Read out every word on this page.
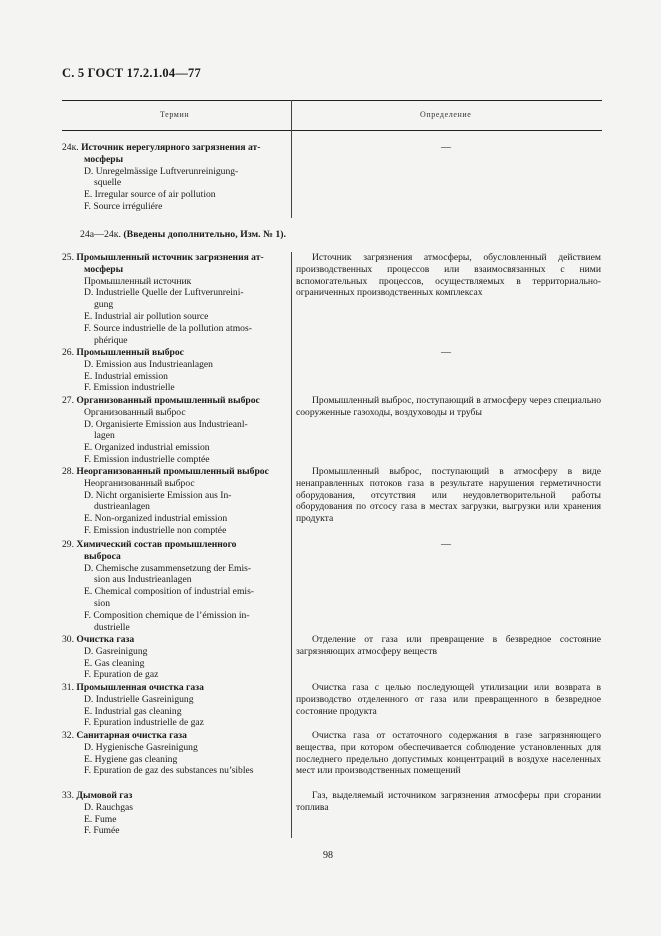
С. 5 ГОСТ 17.2.1.04—77
Термин	Определение
24к. Источник нерегулярного загрязнения ат-
мосферы
D. Unregelmässige Luftverunreinigung-
squelle
E. Irregular source of air pollution
F. Source irréguliére
—
24а—24к. (Введены дополнительно, Изм. № 1).
25. Промышленный источник загрязнения ат-
мосферы
Промышленный источник
D. Industrielle Quelle der Luftverunreini-
gung
E. Industrial air pollution source
F. Source industrielle de la pollution atmos-
phérique
Источник загрязнения атмосферы, обусловленный действием производственных процессов или взаимосвязанных с ними вспомогательных процессов, осуществляемых в территориально-ограниченных производственных комплексах
26. Промышленный выброс
D. Emission aus Industrieanlagen
E. Industrial emission
F. Emission industrielle
—
27. Организованный промышленный выброс
Организованный выброс
D. Organisierte Emission aus Industrieanl-
lagen
E. Organized industrial emission
F. Emission industrielle comptée
Промышленный выброс, поступающий в атмосферу через специально сооруженные газоходы, воздуховоды и трубы
28. Неорганизованный промышленный выброс
Неорганизованный выброс
D. Nicht organisierte Emission aus In-
dustrieanlagen
E. Non-organized industrial emission
F. Emission industrielle non comptée
Промышленный выброс, поступающий в атмосферу в виде ненаправленных потоков газа в результате нарушения герметичности оборудования, отсутствия или неудовлетворительной работы оборудования по отсосу газа в местах загрузки, выгрузки или хранения продукта
29. Химический состав промышленного
выброса
D. Chemische zusammensetzung der Emis-
sion aus Industrieanlagen
E. Chemical composition of industrial emis-
sion
F. Composition chemique de l’émission in-
dustrielle
—
30. Очистка газа
D. Gasreinigung
E. Gas cleaning
F. Epuration de gaz
Отделение от газа или превращение в безвредное состояние загрязняющих атмосферу веществ
31. Промышленная очистка газа
D. Industrielle Gasreinigung
E. Industrial gas cleaning
F. Epuration industrielle de gaz
Очистка газа с целью последующей утилизации или возврата в производство отделенного от газа или превращенного в безвредное состояние продукта
32. Санитарная очистка газа
D. Hygienische Gasreinigung
E. Hygiene gas cleaning
F. Epuration de gaz des substances nu’sibles
Очистка газа от остаточного содержания в газе загрязняющего вещества, при котором обеспечивается соблюдение установленных для последнего предельно допустимых концентраций в воздухе населенных мест или производственных помещений
33. Дымовой газ
D. Rauchgas
E. Fume
F. Fumée
Газ, выделяемый источником загрязнения атмосферы при сгорании топлива
98
